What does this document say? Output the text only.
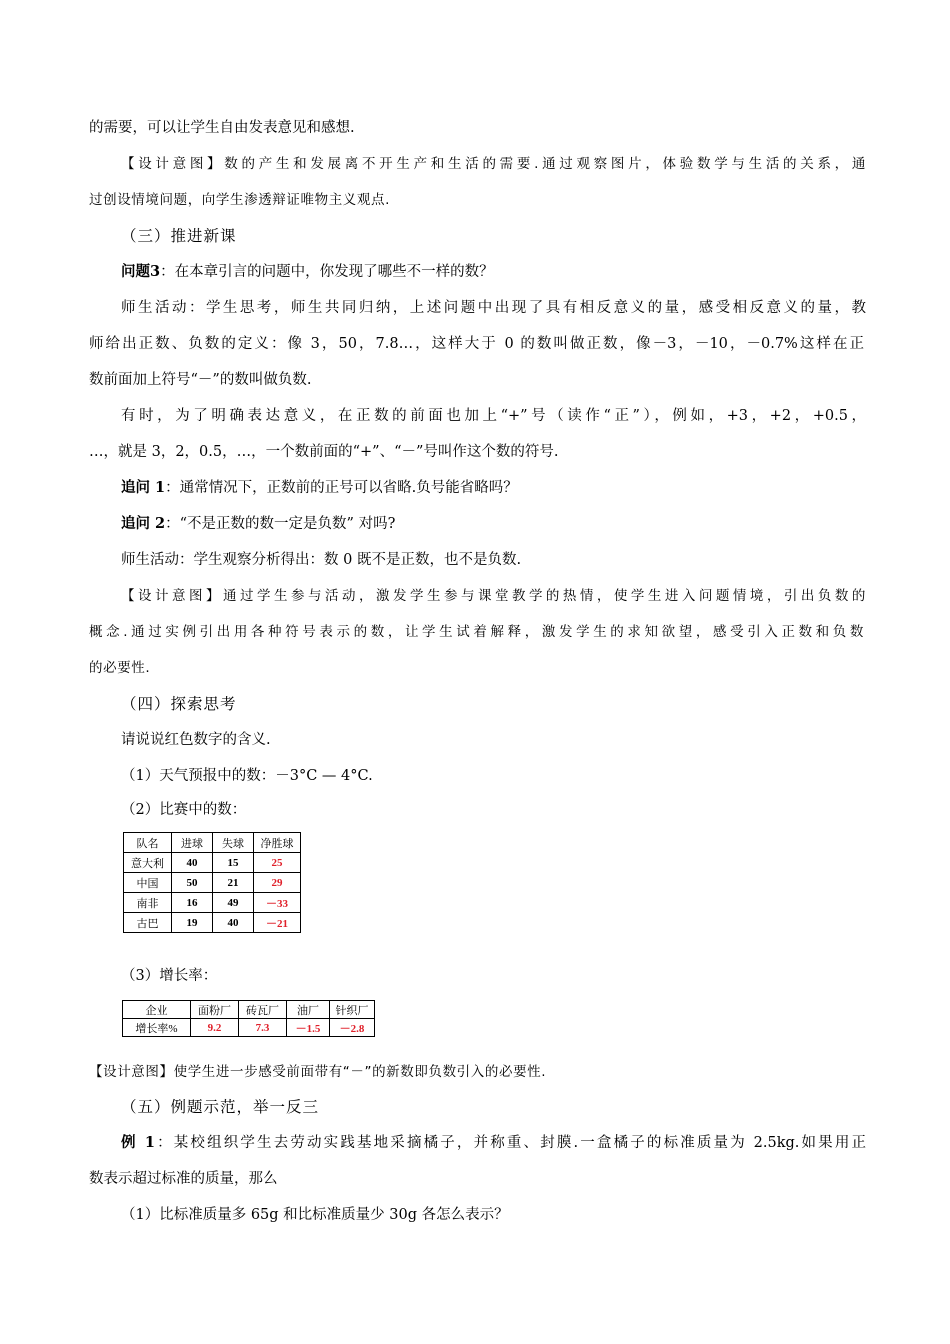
的需要，可以让学生自由发表意见和感想.
【设计意图】数的产生和发展离不开生产和生活的需要.通过观察图片，体验数学与生活的关系，通
过创设情境问题，向学生渗透辩证唯物主义观点.
（三）推进新课
问题3：在本章引言的问题中，你发现了哪些不一样的数？
师生活动：学生思考，师生共同归纳，上述问题中出现了具有相反意义的量，感受相反意义的量，教
师给出正数、负数的定义：像 3，50，7.8…，这样大于 0 的数叫做正数，像－3，－10，－0.7%这样在正
数前面加上符号“－”的数叫做负数.
有时，为了明确表达意义，在正数的前面也加上“+”号（读作“正”），例如，+3，+2，+0.5，
…，就是 3，2，0.5，…，一个数前面的“+”、“－”号叫作这个数的符号.
追问 1：通常情况下，正数前的正号可以省略.负号能省略吗？
追问 2：“不是正数的数一定是负数” 对吗?
师生活动：学生观察分析得出：数 0 既不是正数，也不是负数.
【设计意图】通过学生参与活动，激发学生参与课堂教学的热情，使学生进入问题情境，引出负数的
概念.通过实例引出用各种符号表示的数，让学生试着解释，激发学生的求知欲望，感受引入正数和负数
的必要性.
（四）探索思考
请说说红色数字的含义.
（1）天气预报中的数：－3°C — 4°C.
（2）比赛中的数：
队名	进球	失球	净胜球
意大利	40	15	25
中国	50	21	29
南非	16	49	－33
古巴	19	40	－21
（3）增长率：
企业	面粉厂	砖瓦厂	油厂	针织厂
增长率%	9.2	7.3	－1.5	－2.8
【设计意图】使学生进一步感受前面带有“－”的新数即负数引入的必要性.
（五）例题示范，举一反三
例 1：某校组织学生去劳动实践基地采摘橘子，并称重、封膜.一盒橘子的标准质量为 2.5kg.如果用正
数表示超过标准的质量，那么
（1）比标准质量多 65g 和比标准质量少 30g 各怎么表示？
